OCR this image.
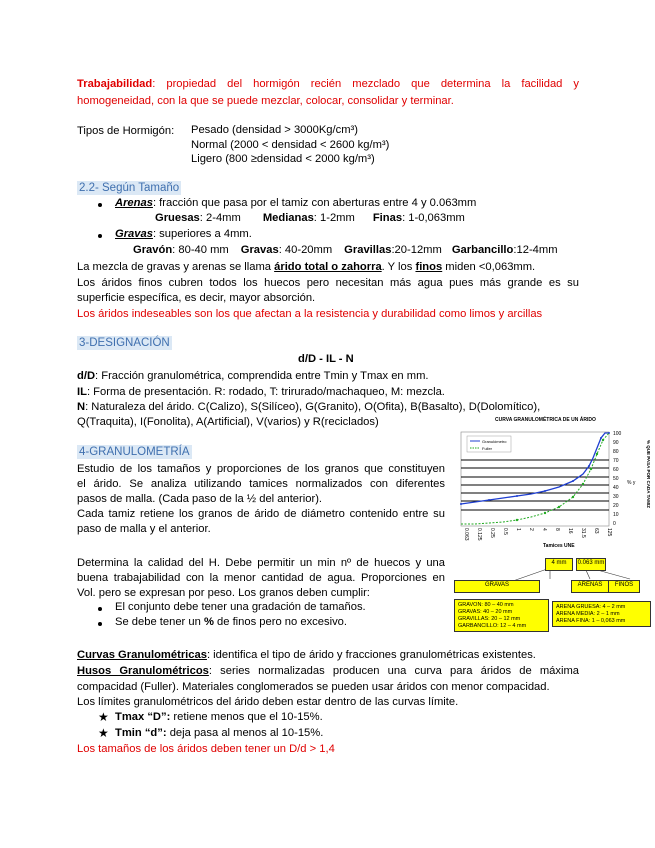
Trabajabilidad: propiedad del hormigón recién mezclado que determina la facilidad y
homogeneidad, con la que se puede mezclar, colocar, consolidar y terminar.
Tipos de Hormigón: Pesado (densidad > 3000Kg/cm³)
Normal (2000 < densidad < 2600 kg/m³)
Ligero (800 ≥densidad < 2000 kg/m³)
2.2- Según Tamaño
Arenas: fracción que pasa por el tamiz con aberturas entre 4 y 0.063mm
Gruesas: 2-4mm Medianas: 1-2mm Finas: 1-0,063mm
Gravas: superiores a 4mm.
Gravón: 80-40 mm Gravas: 40-20mm Gravillas:20-12mm Garbancillo:12-4mm
La mezcla de gravas y arenas se llama árido total o zahorra. Y los finos miden <0,063mm.
Los áridos finos cubren todos los huecos pero necesitan más agua pues más grande es su
superficie específica, es decir, mayor absorción.
Los áridos indeseables son los que afectan a la resistencia y durabilidad como limos y arcillas
3-DESIGNACIÓN
d/D - IL - N
d/D: Fracción granulométrica, comprendida entre Tmin y Tmax en mm.
IL: Forma de presentación. R: rodado, T: trirurado/machaqueo, M: mezcla.
N: Naturaleza del árido. C(Calizo), S(Silíceo), G(Granito), O(Ofita), B(Basalto), D(Dolomítico),
Q(Traquita), I(Fonolita), A(Artificial), V(varios) y R(reciclados)
4-GRANULOMETRÍA
Estudio de los tamaños y proporciones de los granos que constituyen
el árido. Se analiza utilizando tamices normalizados con diferentes
pasos de malla. (Cada paso de la ½ del anterior).
Cada tamiz retiene los granos de árido de diámetro contenido entre su
paso de malla y el anterior.
Determina la calidad del H. Debe permitir un min nº de huecos y una
buena trabajabilidad con la menor cantidad de agua. Proporciones en
Vol. pero se expresan por peso. Los granos deben cumplir:
El conjunto debe tener una gradación de tamaños.
Se debe tener un % de finos pero no excesivo.
Curvas Granulométricas: identifica el tipo de árido y fracciones granulométricas existentes.
Husos Granulométricos: series normalizadas producen una curva para áridos de máxima
compacidad (Fuller). Materiales conglomerados se pueden usar áridos con menor compacidad.
Los límites granulométricos del árido deben estar dentro de las curvas límite.
★ Tmax “D”: retiene menos que el 10-15%.
★ Tmin “d”: deja pasa al menos al 10-15%.
Los tamaños de los áridos deben tener un D/d > 1,4
CURVA GRANULOMÉTRICA DE UN ÁRIDO
Granulómetro
Fuller
100
90
80
70
60
50
40
30
20
10
0
% QUE PASA POR CADA TAMIZ
% y
0.063 0.125 0.25 0.5 1 2 4 8 16 31.5 63 125
Tamices UNE
4 mm	0.063 mm
GRAVAS	ARENAS	FINOS
GRAVON: 80 – 40 mm
GRAVAS: 40 – 20 mm
GRAVILLAS: 20 – 12 mm
GARBANCILLO: 12 – 4 mm
ARENA GRUESA: 4 – 2 mm
ARENA MEDIA: 2 – 1 mm
ARENA FINA: 1 – 0,063 mm
